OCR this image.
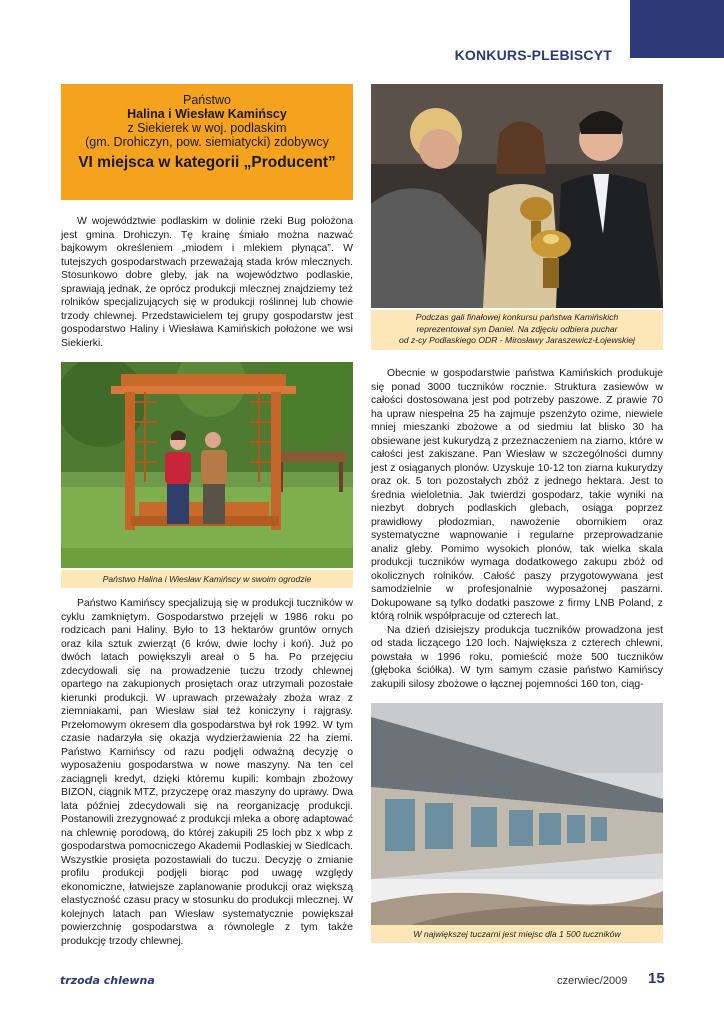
KONKURS-PLEBISCYT
Państwo
Halina i Wiesław Kamińscy
z Siekierek w woj. podlaskim
(gm. Drohiczyn, pow. siemiatycki) zdobywcy
VI miejsca w kategorii „Producent”

W województwie podlaskim w dolinie rzeki Bug położona jest gmina Drohiczyn. Tę krainę śmiało można nazwać bajkowym określeniem „miodem i mlekiem płynąca”. W tutejszych gospodarstwach przeważają stada krów mlecznych. Stosunkowo dobre gleby, jak na województwo podlaskie, sprawiają jednak, że oprócz produkcji mlecznej znajdziemy też rolników specjalizujących się w produkcji roślinnej lub chowie trzody chlewnej. Przedstawicielem tej grupy gospodarstw jest gospodarstwo Haliny i Wiesława Kamińskich położone we wsi Siekierki.

Państwo Halina i Wiesław Kamińscy w swoim ogrodzie

Państwo Kamińscy specjalizują się w produkcji tuczników w cyklu zamkniętym. Gospodarstwo przejęli w 1986 roku po rodzicach pani Haliny. Było to 13 hektarów gruntów ornych oraz kila sztuk zwierząt (6 krów, dwie lochy i koń). Już po dwóch latach powiększyli areał o 5 ha. Po przejęciu zdecydowali się na prowadzenie tuczu trzody chlewnej opartego na zakupionych prosiętach oraz utrzymali pozostałe kierunki produkcji. W uprawach przeważały zboża wraz z ziemniakami, pan Wiesław siał też koniczyny i rajgrasy. Przełomowym okresem dla gospodarstwa był rok 1992. W tym czasie nadarzyła się okazja wydzierżawienia 22 ha ziemi. Państwo Kamińscy od razu podjęli odważną decyzję o wyposażeniu gospodarstwa w nowe maszyny. Na ten cel zaciągnęli kredyt, dzięki któremu kupili: kombajn zbożowy BIZON, ciągnik MTZ, przyczepę oraz maszyny do uprawy. Dwa lata później zdecydowali się na reorganizację produkcji. Postanowili zrezygnować z produkcji mleka a oborę adaptować na chlewnię porodową, do której zakupili 25 loch pbz x wbp z gospodarstwa pomocniczego Akademii Podlaskiej w Siedlcach. Wszystkie prosięta pozostawiali do tuczu. Decyzję o zmianie profilu produkcji podjęli biorąc pod uwagę względy ekonomiczne, łatwiejsze zaplanowanie produkcji oraz większą elastyczność czasu pracy w stosunku do produkcji mlecznej. W kolejnych latach pan Wiesław systematycznie powiększał powierzchnię gospodarstwa a równolegle z tym także produkcję trzody chlewnej.

Podczas gali finałowej konkursu państwa Kamińskich
reprezentował syn Daniel. Na zdjęciu odbiera puchar
od z-cy Podlaskiego ODR - Mirosławy Jaraszewicz-Łojewskiej

Obecnie w gospodarstwie państwa Kamińskich produkuje się ponad 3000 tuczników rocznie. Struktura zasiewów w całości dostosowana jest pod potrzeby paszowe. Z prawie 70 ha upraw niespełna 25 ha zajmuje pszenżyto ozime, niewiele mniej mieszanki zbożowe a od siedmiu lat blisko 30 ha obsiewane jest kukurydzą z przeznaczeniem na ziarno, które w całości jest zakiszane. Pan Wiesław w szczególności dumny jest z osiąganych plonów. Uzyskuje 10-12 ton ziarna kukurydzy oraz ok. 5 ton pozostałych zbóż z jednego hektara. Jest to średnia wieloletnia. Jak twierdzi gospodarz, takie wyniki na niezbyt dobrych podlaskich glebach, osiąga poprzez prawidłowy płodozmian, nawożenie obornikiem oraz systematyczne wapnowanie i regularne przeprowadzanie analiz gleby. Pomimo wysokich plonów, tak wielka skala produkcji tuczników wymaga dodatkowego zakupu zbóż od okolicznych rolników. Całość paszy przygotowywana jest samodzielnie w profesjonalnie wyposażonej paszarni. Dokupowane są tylko dodatki paszowe z firmy LNB Poland, z którą rolnik współpracuje od czterech lat.

Na dzień dzisiejszy produkcja tuczników prowadzona jest od stada liczącego 120 loch. Największa z czterech chlewni, powstała w 1996 roku, pomieścić może 500 tuczników (głęboka ściółka). W tym samym czasie państwo Kamińscy zakupili silosy zbożowe o łącznej pojemności 160 ton, ciąg-

W największej tuczarni jest miejsc dla 1 500 tuczników
trzoda chlewna	czerwiec/2009 15
